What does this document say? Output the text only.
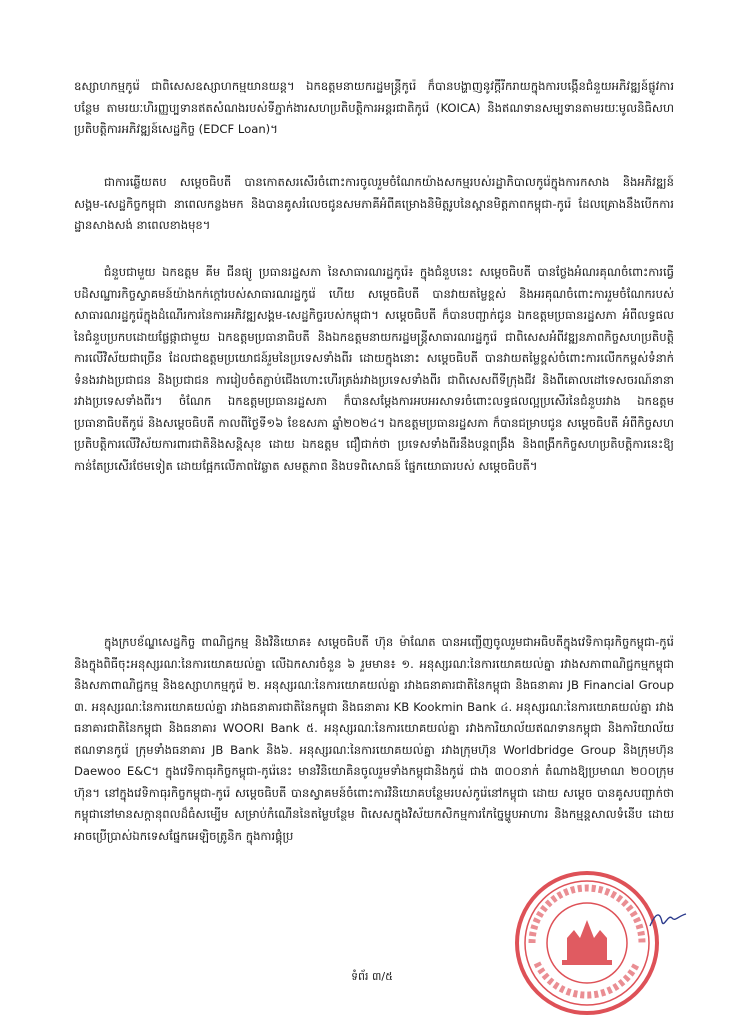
ឧស្សាហកម្មកូរ៉េ ជាពិសេសឧស្សាហកម្មយានយន្ត។ ឯកឧត្តមនាយករដ្ឋមន្ត្រីកូរ៉េ ក៏បានបង្ហាញនូវក្ដីរីករាយក្នុងការបង្កើនជំនួយអភិវឌ្ឍន៍ផ្លូវការបន្ថែម តាមរយៈហិរញ្ញប្បទានឥតសំណងរបស់ទីភ្នាក់ងារសហប្រតិបត្តិការអន្តរជាតិកូរ៉េ (KOICA) និងឥណទានសម្បទានតាមរយៈមូលនិធិសហប្រតិបត្តិការអភិវឌ្ឍន៍សេដ្ឋកិច្ច (EDCF Loan)។
ជាការឆ្លើយតប សម្ដេចធិបតី បានកោតសរសើរចំពោះការចូលរួមចំណែកយ៉ាងសកម្មរបស់រដ្ឋាភិបាលកូរ៉េក្នុងការកសាង និងអភិវឌ្ឍន៍សង្គម-សេដ្ឋកិច្ចកម្ពុជា នាពេលកន្លងមក និងបានគូសរំលេចជូនសមភាគីអំពីគម្រោងនិមិត្តរូបនៃស្ពានមិត្តភាពកម្ពុជា-កូរ៉េ ដែលគ្រោងនឹងបើកការដ្ឋានសាងសង់ នាពេលខាងមុខ។
ជំនួបជាមួយ ឯកឧត្តម គីម ជីនផ្យូ ប្រធានរដ្ឋសភា នៃសាធារណរដ្ឋកូរ៉េ៖ ក្នុងជំនួបនេះ សម្ដេចធិបតី បានថ្លែងអំណរគុណចំពោះការធ្វើបដិសណ្ឋារកិច្ចស្វាគមន៍យ៉ាងកក់ក្ដៅរបស់សាធារណរដ្ឋកូរ៉េ ហើយ សម្ដេចធិបតី បានវាយតម្លៃខ្ពស់ និងអរគុណចំពោះការរួមចំណែករបស់សាធារណរដ្ឋកូរ៉េក្នុងដំណើរការនៃការអភិវឌ្ឍសង្គម-សេដ្ឋកិច្ចរបស់កម្ពុជា។ សម្ដេចធិបតី ក៏បានបញ្ជាក់ជូន ឯកឧត្តមប្រធានរដ្ឋសភា អំពីលទ្ធផលនៃជំនួបប្រកបដោយផ្លែផ្កាជាមួយ ឯកឧត្តមប្រធានាធិបតី និងឯកឧត្តមនាយករដ្ឋមន្ត្រីសាធារណរដ្ឋកូរ៉េ ជាពិសេសអំពីវឌ្ឍនភាពកិច្ចសហប្រតិបត្តិការលើវិស័យជាច្រើន ដែលជាឧត្តមប្រយោជន៍រួមនៃប្រទេសទាំងពីរ ដោយក្នុងនោះ សម្ដេចធិបតី បានវាយតម្លៃខ្ពស់ចំពោះការលើកកម្ពស់ទំនាក់ទំនងរវាងប្រជាជន និងប្រជាជន ការរៀបចំតភ្ជាប់ជើងហោះហើរត្រង់រវាងប្រទេសទាំងពីរ ជាពិសេសពីទីក្រុងជីវ និងពីគោលដៅទេសចរណ៍នានារវាងប្រទេសទាំងពីរ។ ចំណែក ឯកឧត្តមប្រធានរដ្ឋសភា ក៏បានសម្ដែងការអបអរសាទរចំពោះលទ្ធផលល្អប្រសើរនៃជំនួបរវាង ឯកឧត្តមប្រធានាធិបតីកូរ៉េ និងសម្ដេចធិបតី កាលពីថ្ងៃទី១៦ ខែឧសភា ឆ្នាំ២០២៤។ ឯកឧត្តមប្រធានរដ្ឋសភា ក៏បានជម្រាបជូន សម្ដេចធិបតី អំពីកិច្ចសហប្រតិបត្តិការលើវិស័យការពារជាតិនិងសន្តិសុខ ដោយ ឯកឧត្តម ជឿជាក់ថា ប្រទេសទាំងពីរនឹងបន្តពង្រឹង និងពង្រីកកិច្ចសហប្រតិបត្តិការនេះឱ្យកាន់តែប្រសើរថែមទៀត ដោយផ្អែកលើភាពវៃឆ្លាត សមត្ថភាព និងបទពិសោធន៍ ផ្នែកយោធារបស់ សម្ដេចធិបតី។
ក្នុងក្របខ័ណ្ឌសេដ្ឋកិច្ច ពាណិជ្ជកម្ម និងវិនិយោគ៖ សម្ដេចធិបតី ហ៊ុន ម៉ាណែត បានអញ្ជើញចូលរួមជាអធិបតីក្នុងវេទិកាធុរកិច្ចកម្ពុជា-កូរ៉េ និងក្នុងពិធីចុះអនុស្សរណៈនៃការយោគយល់គ្នា លើឯកសារចំនួន ៦ រួមមាន៖ ១. អនុស្សរណៈនៃការយោគយល់គ្នា រវាងសភាពាណិជ្ជកម្មកម្ពុជា និងសភាពាណិជ្ជកម្ម និងឧស្សាហកម្មកូរ៉េ ២. អនុស្សរណៈនៃការយោគយល់គ្នា រវាងធនាគារជាតិនៃកម្ពុជា និងធនាគារ JB Financial Group ៣. អនុស្សរណៈនៃការយោគយល់គ្នា រវាងធនាគារជាតិនៃកម្ពុជា និងធនាគារ KB Kookmin Bank ៤. អនុស្សរណៈនៃការយោគយល់គ្នា រវាងធនាគារជាតិនៃកម្ពុជា និងធនាគារ WOORI Bank ៥. អនុស្សរណៈនៃការយោគយល់គ្នា រវាងការិយាល័យឥណទានកម្ពុជា និងការិយាល័យឥណទានកូរ៉េ ក្រុមទាំងធនាគារ JB Bank និង៦. អនុស្សរណៈនៃការយោគយល់គ្នា រវាងក្រុមហ៊ុន Worldbridge Group និងក្រុមហ៊ុន Daewoo E&C។ ក្នុងវេទិកាធុរកិច្ចកម្ពុជា-កូរ៉េនេះ មានវិនិយោគិនចូលរួមទាំងកម្ពុជានិងកូរ៉េ ជាង ៣០០នាក់ តំណាងឱ្យប្រមាណ ២០០ក្រុមហ៊ុន។ នៅក្នុងវេទិកាធុរកិច្ចកម្ពុជា-កូរ៉េ សម្ដេចធិបតី បានស្វាគមន៍ចំពោះការវិនិយោគបន្ថែមរបស់កូរ៉េនៅកម្ពុជា ដោយ សម្ដេច បានគូសបញ្ជាក់ថា កម្ពុជានៅមានសក្ដានុពលដ៏ធំសម្បើម សម្រាប់កំណើននៃតម្លៃបន្ថែម ពិសេសក្នុងវិស័យកសិកម្មការកែច្នៃម្ហូបអាហារ និងកម្មន្តសាលទំនើប ដោយអាចប្រើប្រាស់ឯកទេសផ្នែកអេឡិចត្រូនិក ក្នុងការផ្គុំប្រ
ទំព័រ ៣/៥
